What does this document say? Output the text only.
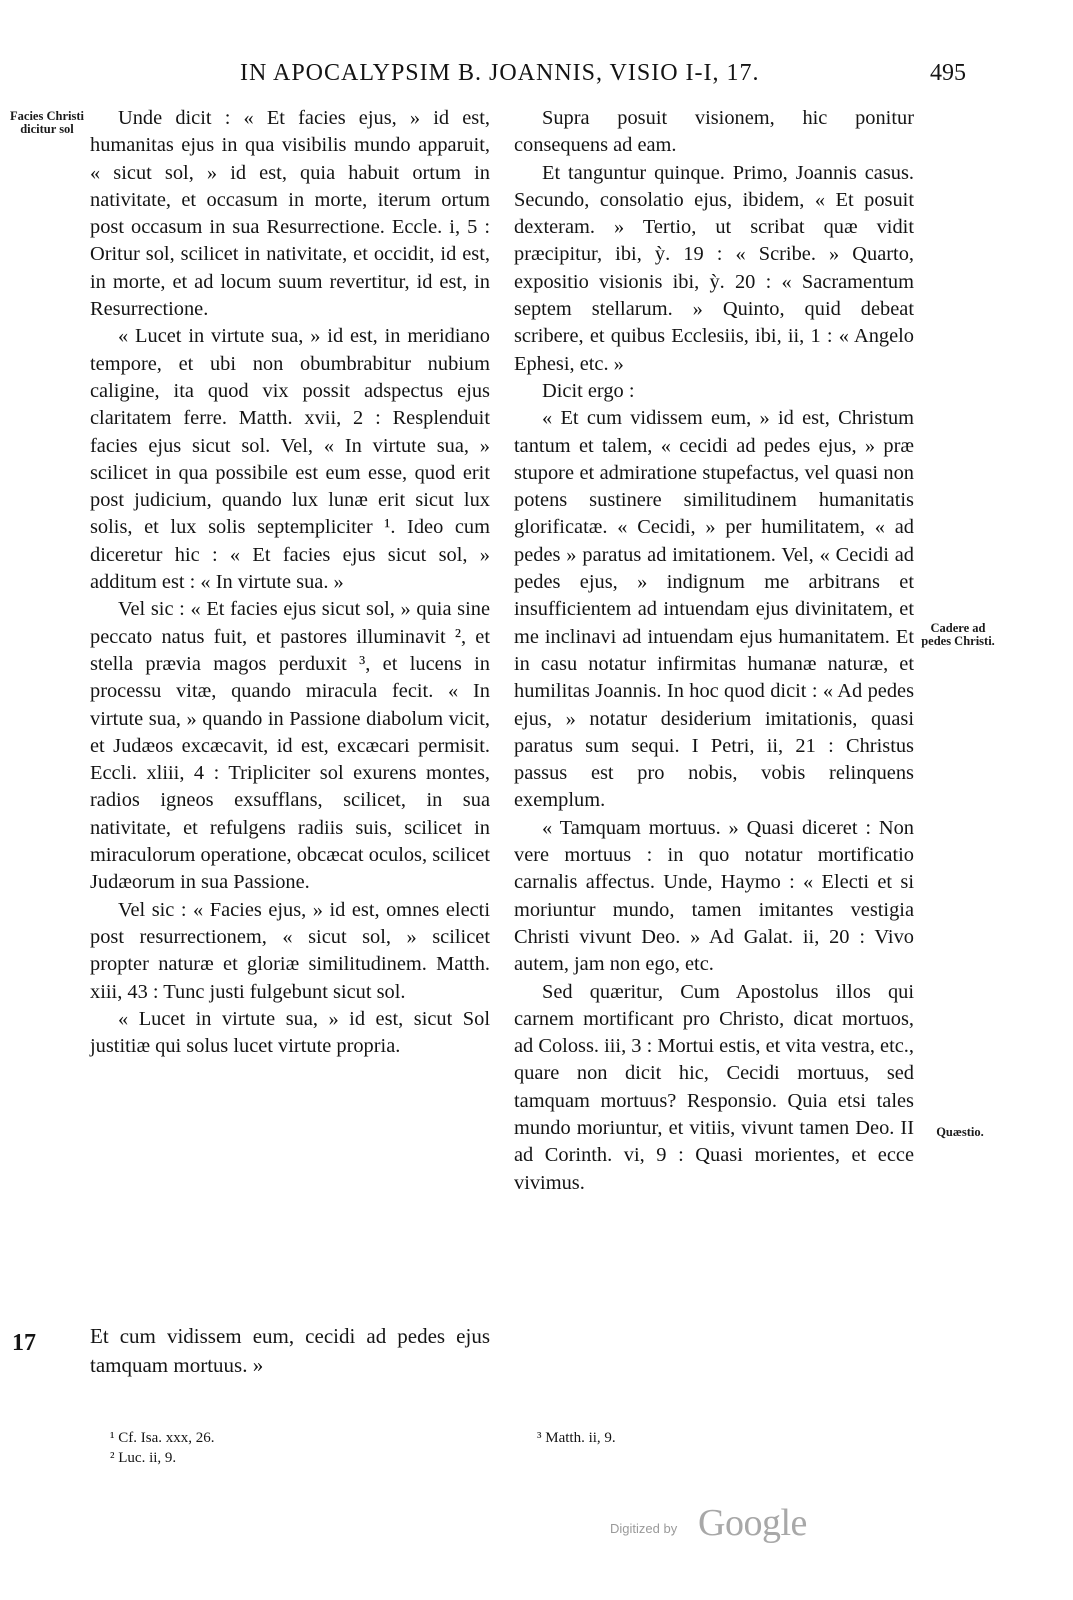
IN APOCALYPSIM B. JOANNIS, VISIO I-I, 17.	495
Facies Christi dicitur sol
Cadere ad pedes Christi.
Quæstio.

Unde dicit : « Et facies ejus, » id est, humanitas ejus in qua visibilis mundo apparuit, « sicut sol, » id est, quia habuit ortum in nativitate, et occasum in morte, iterum ortum post occasum in sua Resurrectione. Eccle. i, 5 : Oritur sol, scilicet in nativitate, et occidit, id est, in morte, et ad locum suum revertitur, id est, in Resurrectione.

« Lucet in virtute sua, » id est, in meridiano tempore, et ubi non obumbrabitur nubium caligine, ita quod vix possit adspectus ejus claritatem ferre. Matth. xvii, 2 : Resplenduit facies ejus sicut sol. Vel, « In virtute sua, » scilicet in qua possibile est eum esse, quod erit post judicium, quando lux lunæ erit sicut lux solis, et lux solis septempliciter ¹. Ideo cum diceretur hic : « Et facies ejus sicut sol, » additum est : « In virtute sua. »

Vel sic : « Et facies ejus sicut sol, » quia sine peccato natus fuit, et pastores illuminavit ², et stella prævia magos perduxit ³, et lucens in processu vitæ, quando miracula fecit. « In virtute sua, » quando in Passione diabolum vicit, et Judæos excæcavit, id est, excæcari permisit. Eccli. xliii, 4 : Tripliciter sol exurens montes, radios igneos exsufflans, scilicet, in sua nativitate, et refulgens radiis suis, scilicet in miraculorum operatione, obcæcat oculos, scilicet Judæorum in sua Passione.

Vel sic : « Facies ejus, » id est, omnes electi post resurrectionem, « sicut sol, » scilicet propter naturæ et gloriæ similitudinem. Matth. xiii, 43 : Tunc justi fulgebunt sicut sol.

« Lucet in virtute sua, » id est, sicut Sol justitiæ qui solus lucet virtute propria.

Supra posuit visionem, hic ponitur consequens ad eam.

Et tanguntur quinque. Primo, Joannis casus. Secundo, consolatio ejus, ibidem, « Et posuit dexteram. » Tertio, ut scribat quæ vidit præcipitur, ibi, ỳ. 19 : « Scribe. » Quarto, expositio visionis ibi, ỳ. 20 : « Sacramentum septem stellarum. » Quinto, quid debeat scribere, et quibus Ecclesiis, ibi, ii, 1 : « Angelo Ephesi, etc. »

Dicit ergo :

« Et cum vidissem eum, » id est, Christum tantum et talem, « cecidi ad pedes ejus, » præ stupore et admiratione stupefactus, vel quasi non potens sustinere similitudinem humanitatis glorificatæ. « Cecidi, » per humilitatem, « ad pedes » paratus ad imitationem. Vel, « Cecidi ad pedes ejus, » indignum me arbitrans et insufficientem ad intuendam ejus divinitatem, et me inclinavi ad intuendam ejus humanitatem. Et in casu notatur infirmitas humanæ naturæ, et humilitas Joannis. In hoc quod dicit : « Ad pedes ejus, » notatur desiderium imitationis, quasi paratus sum sequi. I Petri, ii, 21 : Christus passus est pro nobis, vobis relinquens exemplum.

« Tamquam mortuus. » Quasi diceret : Non vere mortuus : in quo notatur mortificatio carnalis affectus. Unde, Haymo : « Electi et si moriuntur mundo, tamen imitantes vestigia Christi vivunt Deo. » Ad Galat. ii, 20 : Vivo autem, jam non ego, etc.

Sed quæritur, Cum Apostolus illos qui carnem mortificant pro Christo, dicat mortuos, ad Coloss. iii, 3 : Mortui estis, et vita vestra, etc., quare non dicit hic, Cecidi mortuus, sed tamquam mortuus? Responsio. Quia etsi tales mundo moriuntur, et vitiis, vivunt tamen Deo. II ad Corinth. vi, 9 : Quasi morientes, et ecce vivimus.

17	Et cum vidissem eum, cecidi ad pedes ejus tamquam mortuus. »
¹ Cf. Isa. xxx, 26.
² Luc. ii, 9.
³ Matth. ii, 9.
Digitized by Google
